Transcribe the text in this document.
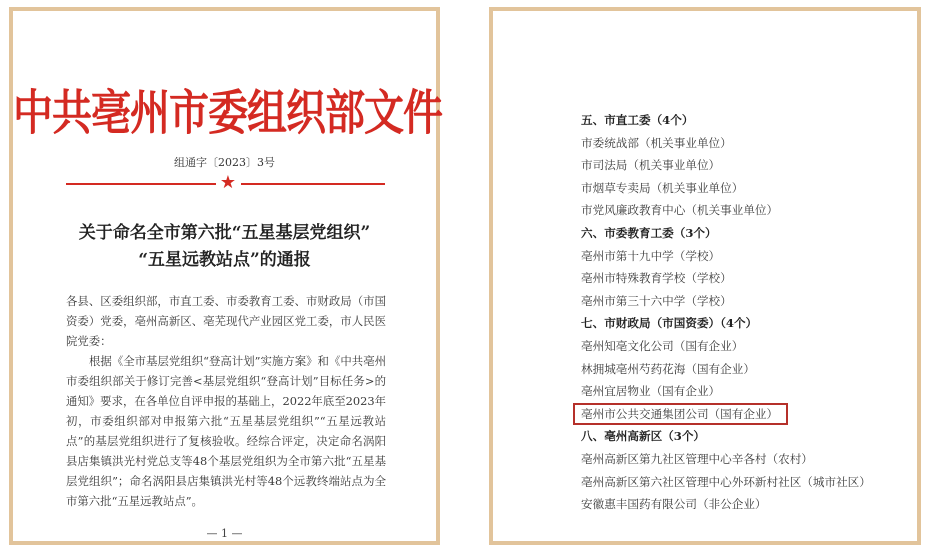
中共亳州市委组织部文件
组通字〔2023〕3号
★
关于命名全市第六批“五星基层党组织”
“五星远教站点”的通报
各县、区委组织部，市直工委、市委教育工委、市财政局（市国资委）党委，亳州高新区、亳芜现代产业园区党工委，市人民医院党委：
根据《全市基层党组织“登高计划”实施方案》和《中共亳州市委组织部关于修订完善<基层党组织“登高计划”目标任务>的通知》要求，在各单位自评申报的基础上，2022年底至2023年初，市委组织部对申报第六批“五星基层党组织”“五星远教站点”的基层党组织进行了复核验收。经综合评定，决定命名涡阳县店集镇洪光村党总支等48个基层党组织为全市第六批“五星基层党组织”；命名涡阳县店集镇洪光村等48个远教终端站点为全市第六批“五星远教站点”。
— 1 —
五、市直工委（4个）
市委统战部（机关事业单位）
市司法局（机关事业单位）
市烟草专卖局（机关事业单位）
市党风廉政教育中心（机关事业单位）
六、市委教育工委（3个）
亳州市第十九中学（学校）
亳州市特殊教育学校（学校）
亳州市第三十六中学（学校）
七、市财政局（市国资委）（4个）
亳州知亳文化公司（国有企业）
林拥城亳州芍药花海（国有企业）
亳州宜居物业（国有企业）
亳州市公共交通集团公司（国有企业）
八、亳州高新区（3个）
亳州高新区第九社区管理中心辛各村（农村）
亳州高新区第六社区管理中心外环新村社区（城市社区）
安徽惠丰国药有限公司（非公企业）
